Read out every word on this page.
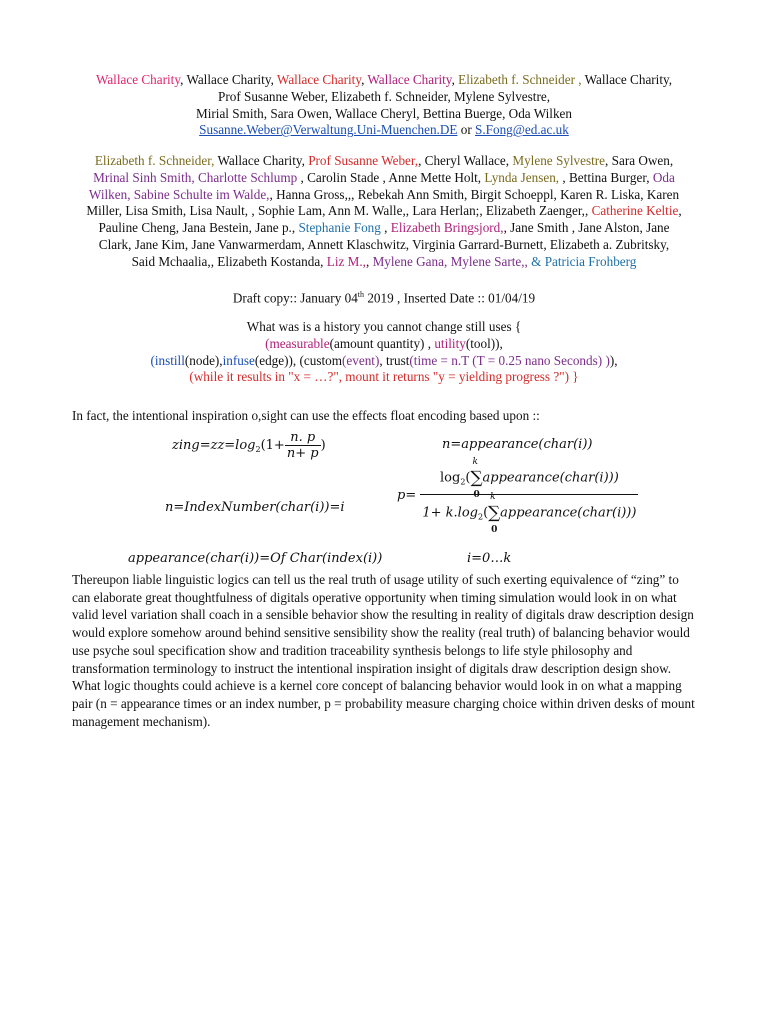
Wallace Charity, Wallace Charity, Wallace Charity, Wallace Charity, Elizabeth f. Schneider , Wallace Charity,
Prof Susanne Weber, Elizabeth f. Schneider, Mylene Sylvestre,
Mirial Smith, Sara Owen, Wallace Cheryl, Bettina Buerge, Oda Wilken
Susanne.Weber@Verwaltung.Uni-Muenchen.DE or S.Fong@ed.ac.uk
Elizabeth f. Schneider, Wallace Charity, Prof Susanne Weber,, Cheryl Wallace, Mylene Sylvestre, Sara Owen,
Mrinal Sinh Smith, Charlotte Schlump , Carolin Stade , Anne Mette Holt, Lynda Jensen, , Bettina Burger, Oda
Wilken, Sabine Schulte im Walde,, Hanna Gross,,, Rebekah Ann Smith, Birgit Schoeppl, Karen R. Liska, Karen
Miller, Lisa Smith, Lisa Nault, , Sophie Lam, Ann M. Walle,, Lara Herlan;, Elizabeth Zaenger,, Catherine Keltie,
Pauline Cheng, Jana Bestein, Jane p., Stephanie Fong , Elizabeth Bringsjord,, Jane Smith , Jane Alston, Jane
Clark, Jane Kim, Jane Vanwarmerdam, Annett Klaschwitz, Virginia Garrard-Burnett, Elizabeth a. Zubritsky,
Said Mchaalia,, Elizabeth Kostanda, Liz M.,, Mylene Gana, Mylene Sarte,, & Patricia Frohberg
Draft copy:: January 04th 2019 , Inserted Date :: 01/04/19
What was is a history you cannot change still uses {
(measurable(amount quantity) , utility(tool)),
(instill(node),infuse(edge)), (custom(event), trust(time = n.T (T = 0.25 nano Seconds) )),
(while it results in "x = …?", mount it returns "y = yielding progress ?") }
In fact, the intentional inspiration o,sight can use the effects float encoding based upon ::
$zing=zz=\log_2(1+ \frac{n. p}{n+ p}$ )	n=appearance(char(i))
n=IndexNumber(char(i))=i
$p= \log_2(\sum$
k
0
appearance(char(i)))
$1+ k.\log_2(\sum$
k
0
appearance(char(i)))
appearance(char(i))=Of Char(index(i))	i=0…k
Thereupon liable linguistic logics can tell us the real truth of usage utility of such exerting equivalence of “zing” to can elaborate great thoughtfulness of digitals operative opportunity when timing simulation would look in on what valid level variation shall coach in a sensible behavior show the resulting in reality of digitals draw description design would explore somehow around behind sensitive sensibility show the reality (real truth) of balancing behavior would use psyche soul specification show and tradition traceability synthesis belongs to life style philosophy and transformation terminology to instruct the intentional inspiration insight of digitals draw description design show. What logic thoughts could achieve is a kernel core concept of balancing behavior would look in on what a mapping pair (n = appearance times or an index number, p = probability measure charging choice within driven desks of mount management mechanism).
